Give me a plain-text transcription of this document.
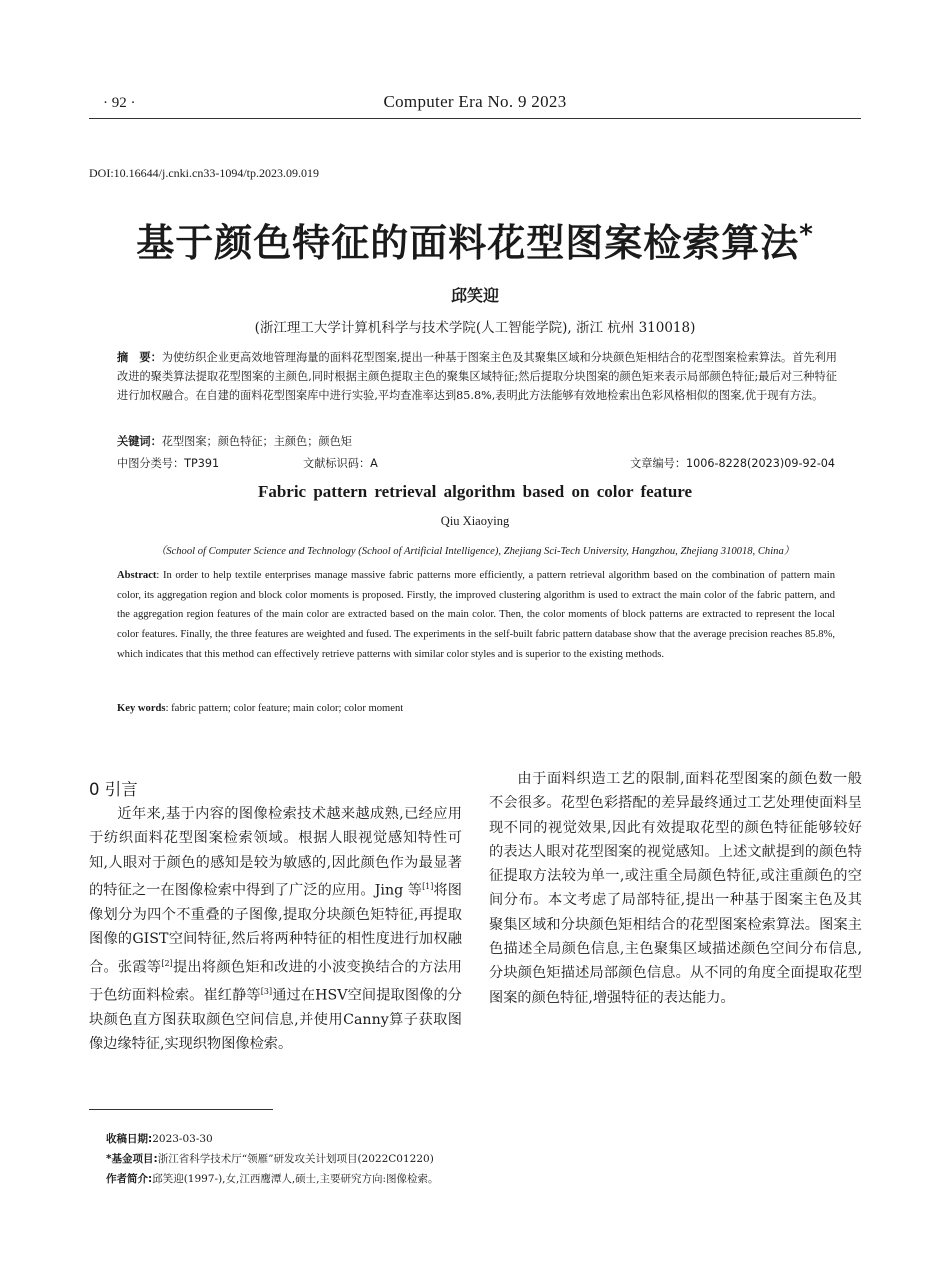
· 92 ·	Computer Era No. 9 2023
DOI:10.16644/j.cnki.cn33-1094/tp.2023.09.019
基于颜色特征的面料花型图案检索算法*
邱笑迎
(浙江理工大学计算机科学与技术学院(人工智能学院), 浙江 杭州 310018)
摘　要：为使纺织企业更高效地管理海量的面料花型图案,提出一种基于图案主色及其聚集区域和分块颜色矩相结合的花型图案检索算法。首先利用改进的聚类算法提取花型图案的主颜色,同时根据主颜色提取主色的聚集区域特征;然后提取分块图案的颜色矩来表示局部颜色特征;最后对三种特征进行加权融合。在自建的面料花型图案库中进行实验,平均查准率达到85.8%,表明此方法能够有效地检索出色彩风格相似的图案,优于现有方法。
关键词：花型图案；颜色特征；主颜色；颜色矩
中图分类号：TP391	文献标识码：A	文章编号：1006-8228(2023)09-92-04
Fabric pattern retrieval algorithm based on color feature
Qiu Xiaoying
（School of Computer Science and Technology (School of Artificial Intelligence), Zhejiang Sci-Tech University, Hangzhou, Zhejiang 310018, China）
Abstract: In order to help textile enterprises manage massive fabric patterns more efficiently, a pattern retrieval algorithm based on the combination of pattern main color, its aggregation region and block color moments is proposed. Firstly, the improved clustering algorithm is used to extract the main color of the fabric pattern, and the aggregation region features of the main color are extracted based on the main color. Then, the color moments of block patterns are extracted to represent the local color features. Finally, the three features are weighted and fused. The experiments in the self-built fabric pattern database show that the average precision reaches 85.8%, which indicates that this method can effectively retrieve patterns with similar color styles and is superior to the existing methods.
Key words: fabric pattern; color feature; main color; color moment
0 引言

近年来,基于内容的图像检索技术越来越成熟,已经应用于纺织面料花型图案检索领域。根据人眼视觉感知特性可知,人眼对于颜色的感知是较为敏感的,因此颜色作为最显著的特征之一在图像检索中得到了广泛的应用。Jing 等[1]将图像划分为四个不重叠的子图像,提取分块颜色矩特征,再提取图像的GIST空间特征,然后将两种特征的相性度进行加权融合。张霞等[2]提出将颜色矩和改进的小波变换结合的方法用于色纺面料检索。崔红静等[3]通过在HSV空间提取图像的分块颜色直方图获取颜色空间信息,并使用Canny算子获取图像边缘特征,实现织物图像检索。

由于面料织造工艺的限制,面料花型图案的颜色数一般不会很多。花型色彩搭配的差异最终通过工艺处理使面料呈现不同的视觉效果,因此有效提取花型的颜色特征能够较好的表达人眼对花型图案的视觉感知。上述文献提到的颜色特征提取方法较为单一,或注重全局颜色特征,或注重颜色的空间分布。本文考虑了局部特征,提出一种基于图案主色及其聚集区域和分块颜色矩相结合的花型图案检索算法。图案主色描述全局颜色信息,主色聚集区域描述颜色空间分布信息,分块颜色矩描述局部颜色信息。从不同的角度全面提取花型图案的颜色特征,增强特征的表达能力。

收稿日期:2023-03-30
*基金项目:浙江省科学技术厅“领雁”研发攻关计划项目(2022C01220)
作者简介:邱笑迎(1997-),女,江西鹰潭人,硕士,主要研究方向:图像检索。
